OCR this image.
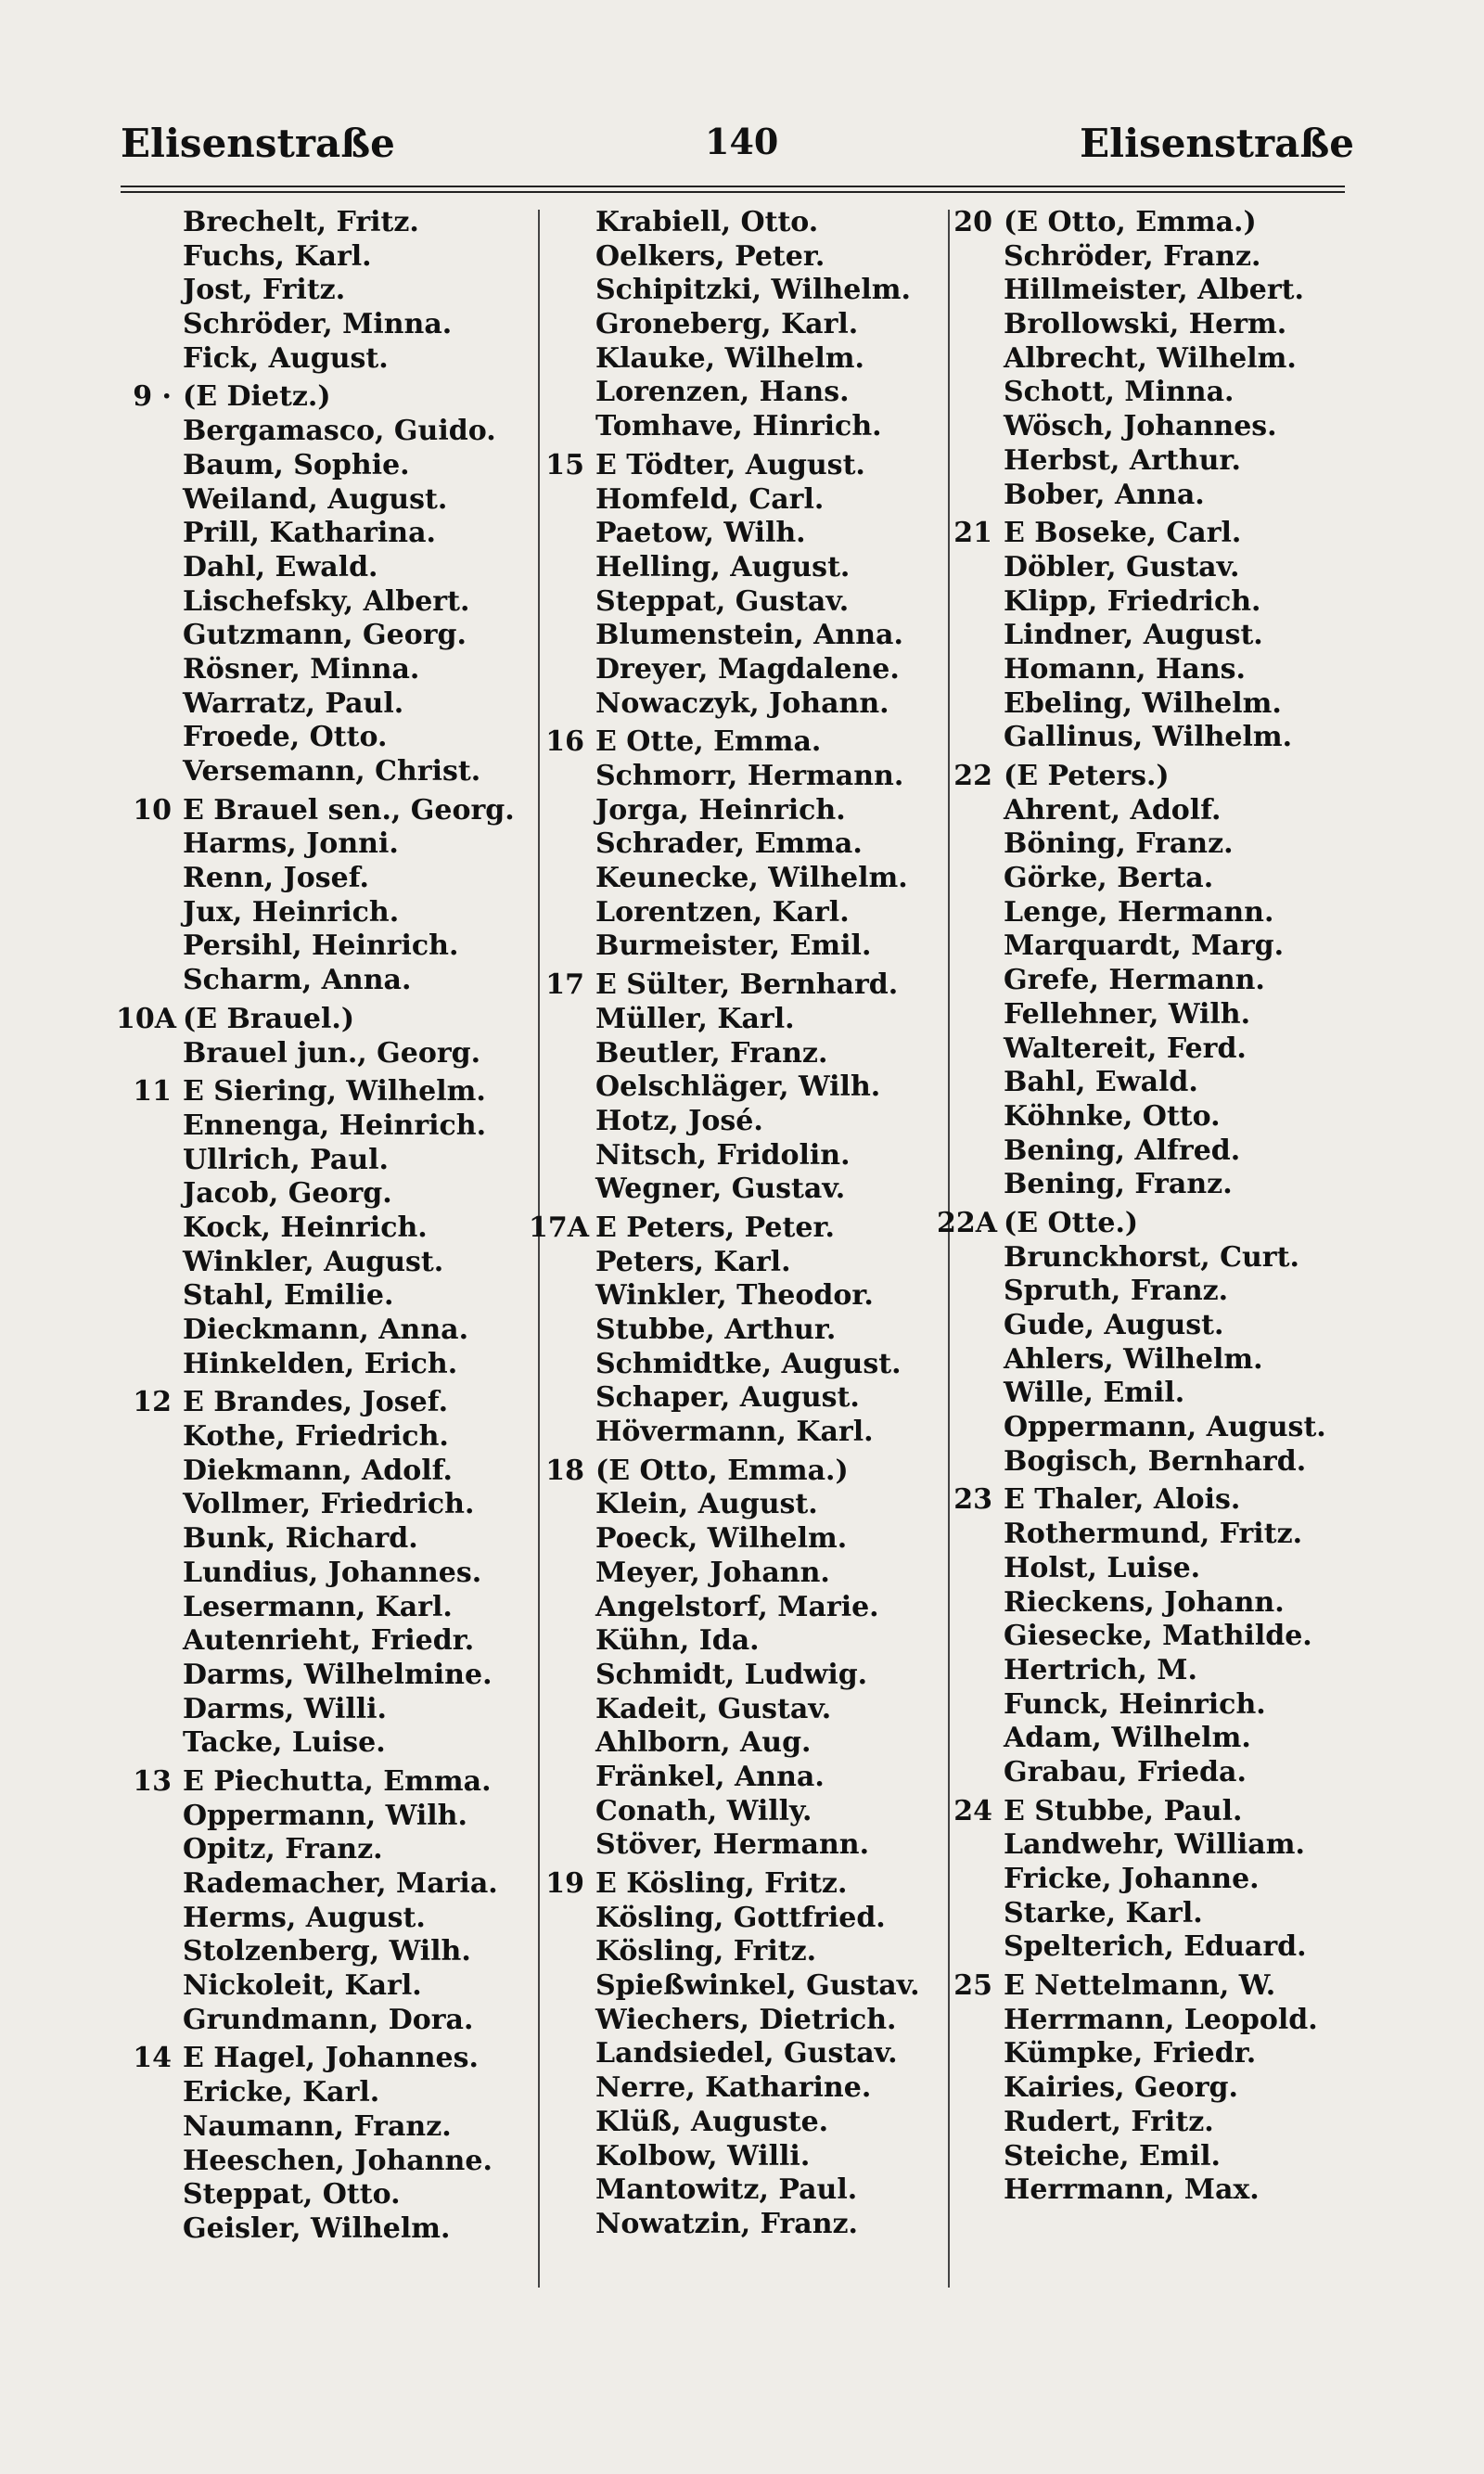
Elisenstraße	140	Elisenstraße
Brechelt, Fritz.
Fuchs, Karl.
Jost, Fritz.
Schröder, Minna.
Fick, August.
9 · (E Dietz.)
Bergamasco, Guido.
Baum, Sophie.
Weiland, August.
Prill, Katharina.
Dahl, Ewald.
Lischefsky, Albert.
Gutzmann, Georg.
Rösner, Minna.
Warratz, Paul.
Froede, Otto.
Versemann, Christ.
10 E Brauel sen., Georg.
Harms, Jonni.
Renn, Josef.
Jux, Heinrich.
Persihl, Heinrich.
Scharm, Anna.
10A (E Brauel.)
Brauel jun., Georg.
11 E Siering, Wilhelm.
Ennenga, Heinrich.
Ullrich, Paul.
Jacob, Georg.
Kock, Heinrich.
Winkler, August.
Stahl, Emilie.
Dieckmann, Anna.
Hinkelden, Erich.
12 E Brandes, Josef.
Kothe, Friedrich.
Diekmann, Adolf.
Vollmer, Friedrich.
Bunk, Richard.
Lundius, Johannes.
Lesermann, Karl.
Autenrieht, Friedr.
Darms, Wilhelmine.
Darms, Willi.
Tacke, Luise.
13 E Piechutta, Emma.
Oppermann, Wilh.
Opitz, Franz.
Rademacher, Maria.
Herms, August.
Stolzenberg, Wilh.
Nickoleit, Karl.
Grundmann, Dora.
14 E Hagel, Johannes.
Ericke, Karl.
Naumann, Franz.
Heeschen, Johanne.
Steppat, Otto.
Geisler, Wilhelm.
Krabiell, Otto.
Oelkers, Peter.
Schipitzki, Wilhelm.
Groneberg, Karl.
Klauke, Wilhelm.
Lorenzen, Hans.
Tomhave, Hinrich.
15 E Tödter, August.
Homfeld, Carl.
Paetow, Wilh.
Helling, August.
Steppat, Gustav.
Blumenstein, Anna.
Dreyer, Magdalene.
Nowaczyk, Johann.
16 E Otte, Emma.
Schmorr, Hermann.
Jorga, Heinrich.
Schrader, Emma.
Keunecke, Wilhelm.
Lorentzen, Karl.
Burmeister, Emil.
17 E Sülter, Bernhard.
Müller, Karl.
Beutler, Franz.
Oelschläger, Wilh.
Hotz, José.
Nitsch, Fridolin.
Wegner, Gustav.
17A E Peters, Peter.
Peters, Karl.
Winkler, Theodor.
Stubbe, Arthur.
Schmidtke, August.
Schaper, August.
Hövermann, Karl.
18 (E Otto, Emma.)
Klein, August.
Poeck, Wilhelm.
Meyer, Johann.
Angelstorf, Marie.
Kühn, Ida.
Schmidt, Ludwig.
Kadeit, Gustav.
Ahlborn, Aug.
Fränkel, Anna.
Conath, Willy.
Stöver, Hermann.
19 E Kösling, Fritz.
Kösling, Gottfried.
Kösling, Fritz.
Spießwinkel, Gustav.
Wiechers, Dietrich.
Landsiedel, Gustav.
Nerre, Katharine.
Klüß, Auguste.
Kolbow, Willi.
Mantowitz, Paul.
Nowatzin, Franz.
20 (E Otto, Emma.)
Schröder, Franz.
Hillmeister, Albert.
Brollowski, Herm.
Albrecht, Wilhelm.
Schott, Minna.
Wösch, Johannes.
Herbst, Arthur.
Bober, Anna.
21 E Boseke, Carl.
Döbler, Gustav.
Klipp, Friedrich.
Lindner, August.
Homann, Hans.
Ebeling, Wilhelm.
Gallinus, Wilhelm.
22 (E Peters.)
Ahrent, Adolf.
Böning, Franz.
Görke, Berta.
Lenge, Hermann.
Marquardt, Marg.
Grefe, Hermann.
Fellehner, Wilh.
Waltereit, Ferd.
Bahl, Ewald.
Köhnke, Otto.
Bening, Alfred.
Bening, Franz.
22A (E Otte.)
Brunckhorst, Curt.
Spruth, Franz.
Gude, August.
Ahlers, Wilhelm.
Wille, Emil.
Oppermann, August.
Bogisch, Bernhard.
23 E Thaler, Alois.
Rothermund, Fritz.
Holst, Luise.
Rieckens, Johann.
Giesecke, Mathilde.
Hertrich, M.
Funck, Heinrich.
Adam, Wilhelm.
Grabau, Frieda.
24 E Stubbe, Paul.
Landwehr, William.
Fricke, Johanne.
Starke, Karl.
Spelterich, Eduard.
25 E Nettelmann, W.
Herrmann, Leopold.
Kümpke, Friedr.
Kairies, Georg.
Rudert, Fritz.
Steiche, Emil.
Herrmann, Max.
